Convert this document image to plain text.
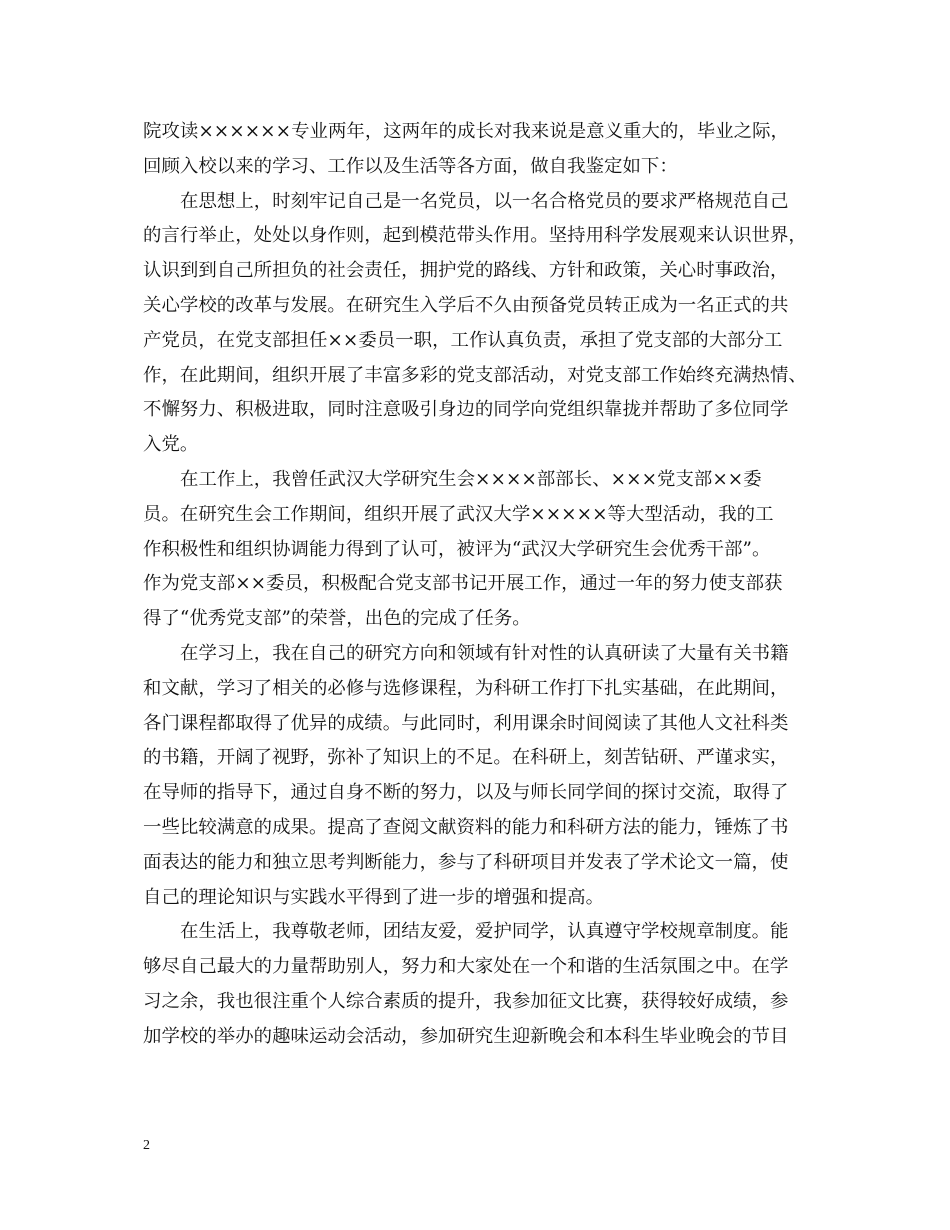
院攻读××××××专业两年，这两年的成长对我来说是意义重大的，毕业之际，
回顾入校以来的学习、工作以及生活等各方面，做自我鉴定如下：
在思想上，时刻牢记自己是一名党员，以一名合格党员的要求严格规范自己
的言行举止，处处以身作则，起到模范带头作用。坚持用科学发展观来认识世界，
认识到到自己所担负的社会责任，拥护党的路线、方针和政策，关心时事政治，
关心学校的改革与发展。在研究生入学后不久由预备党员转正成为一名正式的共
产党员，在党支部担任××委员一职，工作认真负责，承担了党支部的大部分工
作，在此期间，组织开展了丰富多彩的党支部活动，对党支部工作始终充满热情、
不懈努力、积极进取，同时注意吸引身边的同学向党组织靠拢并帮助了多位同学
入党。
在工作上，我曾任武汉大学研究生会××××部部长、×××党支部××委
员。在研究生会工作期间，组织开展了武汉大学×××××等大型活动，我的工
作积极性和组织协调能力得到了认可，被评为“武汉大学研究生会优秀干部”。
作为党支部××委员，积极配合党支部书记开展工作，通过一年的努力使支部获
得了“优秀党支部”的荣誉，出色的完成了任务。
在学习上，我在自己的研究方向和领域有针对性的认真研读了大量有关书籍
和文献，学习了相关的必修与选修课程，为科研工作打下扎实基础，在此期间，
各门课程都取得了优异的成绩。与此同时，利用课余时间阅读了其他人文社科类
的书籍，开阔了视野，弥补了知识上的不足。在科研上，刻苦钻研、严谨求实，
在导师的指导下，通过自身不断的努力，以及与师长同学间的探讨交流，取得了
一些比较满意的成果。提高了查阅文献资料的能力和科研方法的能力，锤炼了书
面表达的能力和独立思考判断能力，参与了科研项目并发表了学术论文一篇，使
自己的理论知识与实践水平得到了进一步的增强和提高。
在生活上，我尊敬老师，团结友爱，爱护同学，认真遵守学校规章制度。能
够尽自己最大的力量帮助别人，努力和大家处在一个和谐的生活氛围之中。在学
习之余，我也很注重个人综合素质的提升，我参加征文比赛，获得较好成绩，参
加学校的举办的趣味运动会活动，参加研究生迎新晚会和本科生毕业晚会的节目
2
